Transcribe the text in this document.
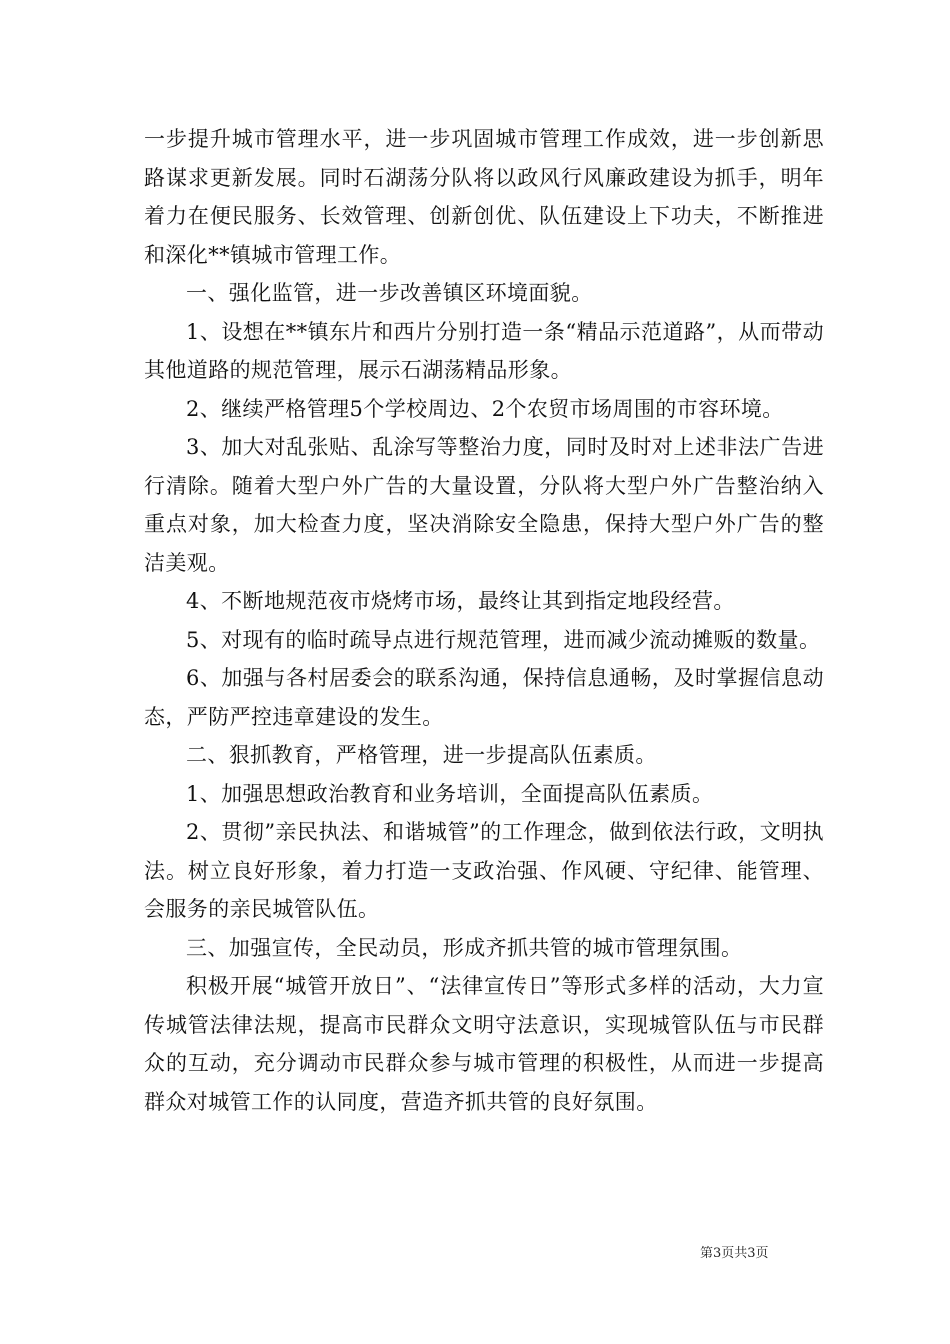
一步提升城市管理水平，进一步巩固城市管理工作成效，进一步创新思路谋求更新发展。同时石湖荡分队将以政风行风廉政建设为抓手，明年着力在便民服务、长效管理、创新创优、队伍建设上下功夫，不断推进和深化**镇城市管理工作。

一、强化监管，进一步改善镇区环境面貌。

1、设想在**镇东片和西片分别打造一条“精品示范道路”，从而带动其他道路的规范管理，展示石湖荡精品形象。

2、继续严格管理5个学校周边、2个农贸市场周围的市容环境。

3、加大对乱张贴、乱涂写等整治力度，同时及时对上述非法广告进行清除。随着大型户外广告的大量设置，分队将大型户外广告整治纳入重点对象，加大检查力度，坚决消除安全隐患，保持大型户外广告的整洁美观。

4、不断地规范夜市烧烤市场，最终让其到指定地段经营。

5、对现有的临时疏导点进行规范管理，进而减少流动摊贩的数量。

6、加强与各村居委会的联系沟通，保持信息通畅，及时掌握信息动态，严防严控违章建设的发生。

二、狠抓教育，严格管理，进一步提高队伍素质。

1、加强思想政治教育和业务培训，全面提高队伍素质。

2、贯彻”亲民执法、和谐城管”的工作理念，做到依法行政，文明执法。树立良好形象，着力打造一支政治强、作风硬、守纪律、能管理、会服务的亲民城管队伍。

三、加强宣传，全民动员，形成齐抓共管的城市管理氛围。

积极开展“城管开放日”、“法律宣传日”等形式多样的活动，大力宣传城管法律法规，提高市民群众文明守法意识，实现城管队伍与市民群众的互动，充分调动市民群众参与城市管理的积极性，从而进一步提高群众对城管工作的认同度，营造齐抓共管的良好氛围。

第3页共3页
